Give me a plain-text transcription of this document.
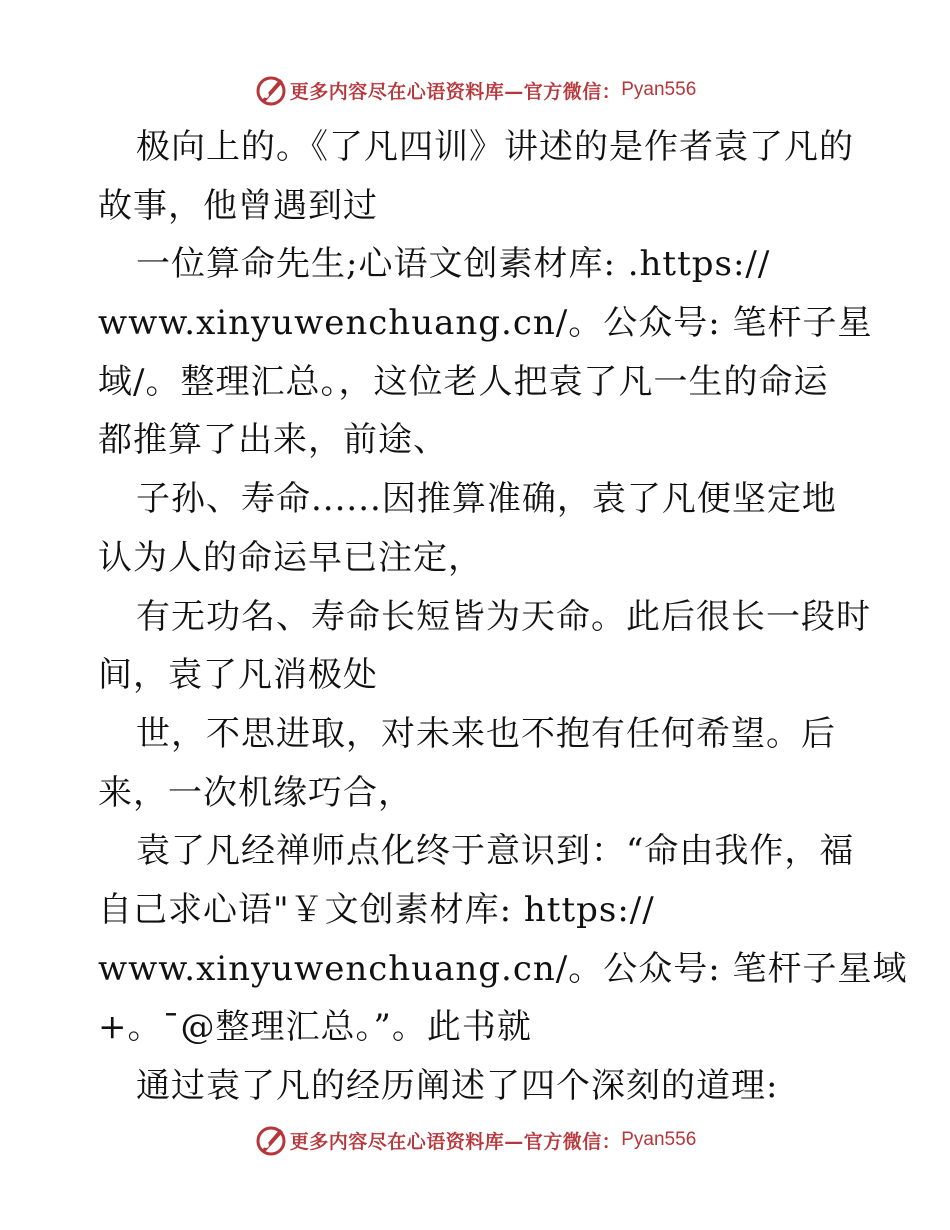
更多内容尽在心语资料库—官方微信： Pyan556
极向上的。《了凡四训》讲述的是作者袁了凡的
故事，他曾遇到过
一位算命先生;心语文创素材库: .https://
www.xinyuwenchuang.cn/。公众号: 笔杆子星
域/。整理汇总。，这位老人把袁了凡一生的命运
都推算了出来，前途、
子孙、寿命......因推算准确，袁了凡便坚定地
认为人的命运早已注定，
有无功名、寿命长短皆为天命。此后很长一段时
间，袁了凡消极处
世，不思进取，对未来也不抱有任何希望。后
来，一次机缘巧合，
袁了凡经禅师点化终于意识到：“命由我作，福
自己求心语"￥文创素材库: https://
www.xinyuwenchuang.cn/。公众号: 笔杆子星域
+。¯@整理汇总。”。此书就
通过袁了凡的经历阐述了四个深刻的道理:
更多内容尽在心语资料库—官方微信： Pyan556
